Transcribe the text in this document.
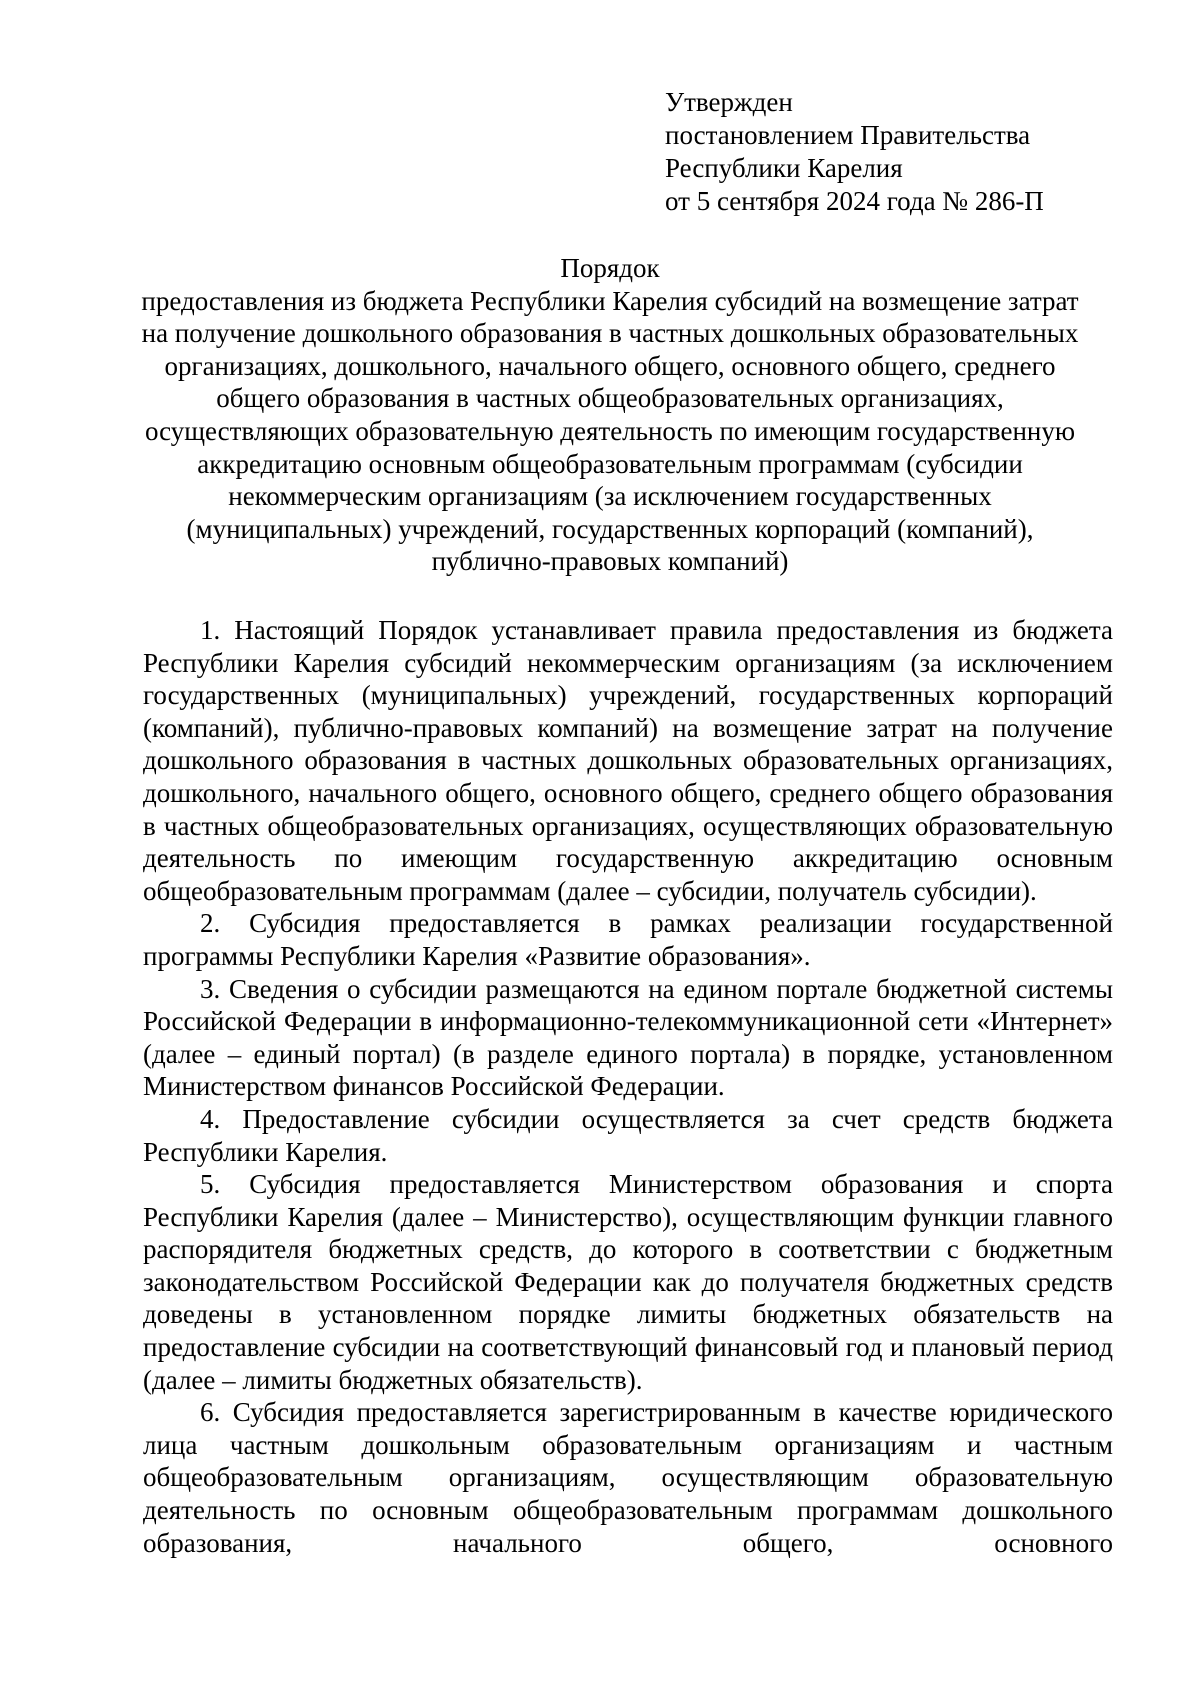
Утвержден
постановлением Правительства
Республики Карелия
от 5 сентября 2024 года № 286-П
Порядок
предоставления из бюджета Республики Карелия субсидий на возмещение затрат на получение дошкольного образования в частных дошкольных образовательных организациях, дошкольного, начального общего, основного общего, среднего общего образования в частных общеобразовательных организациях, осуществляющих образовательную деятельность по имеющим государственную аккредитацию основным общеобразовательным программам (субсидии некоммерческим организациям (за исключением государственных (муниципальных) учреждений, государственных корпораций (компаний), публично-правовых компаний)

1. Настоящий Порядок устанавливает правила предоставления из бюджета Республики Карелия субсидий некоммерческим организациям (за исключением государственных (муниципальных) учреждений, государственных корпораций (компаний), публично-правовых компаний) на возмещение затрат на получение дошкольного образования в частных дошкольных образовательных организациях, дошкольного, начального общего, основного общего, среднего общего образования в частных общеобразовательных организациях, осуществляющих образовательную деятельность по имеющим государственную аккредитацию основным общеобразовательным программам (далее – субсидии, получатель субсидии).

2. Субсидия предоставляется в рамках реализации государственной программы Республики Карелия «Развитие образования».

3. Сведения о субсидии размещаются на едином портале бюджетной системы Российской Федерации в информационно-телекоммуникационной сети «Интернет» (далее – единый портал) (в разделе единого портала) в порядке, установленном Министерством финансов Российской Федерации.

4. Предоставление субсидии осуществляется за счет средств бюджета Республики Карелия.

5. Субсидия предоставляется Министерством образования и спорта Республики Карелия (далее – Министерство), осуществляющим функции главного распорядителя бюджетных средств, до которого в соответствии с бюджетным законодательством Российской Федерации как до получателя бюджетных средств доведены в установленном порядке лимиты бюджетных обязательств на предоставление субсидии на соответствующий финансовый год и плановый период (далее – лимиты бюджетных обязательств).

6. Субсидия предоставляется зарегистрированным в качестве юридического лица частным дошкольным образовательным организациям и частным общеобразовательным организациям, осуществляющим образовательную деятельность по основным общеобразовательным программам дошкольного образования, начального общего, основного
